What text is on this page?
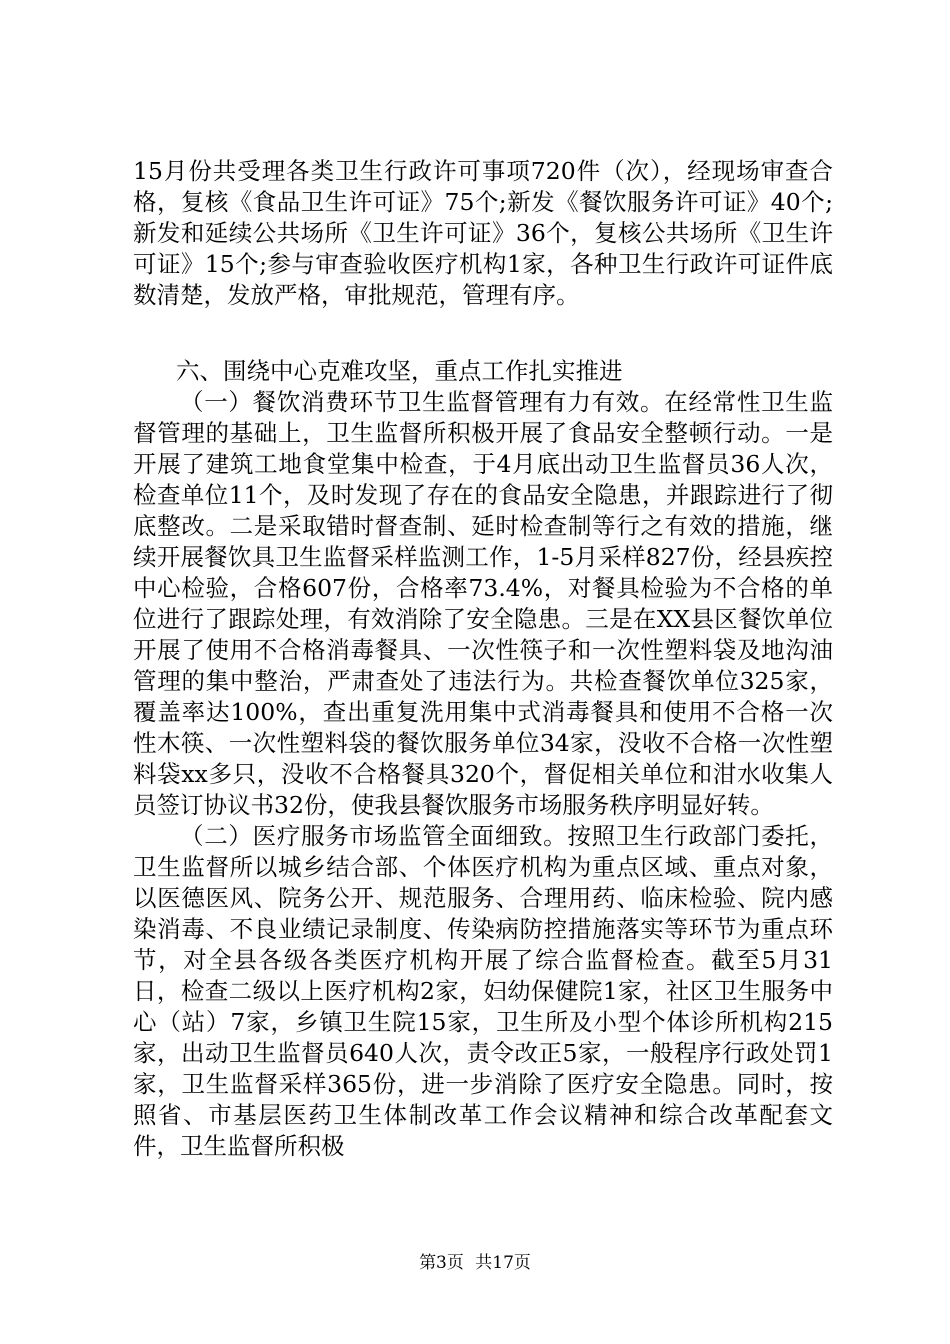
15月份共受理各类卫生行政许可事项720件（次），经现场审查合格，复核《食品卫生许可证》75个;新发《餐饮服务许可证》40个;新发和延续公共场所《卫生许可证》36个，复核公共场所《卫生许可证》15个;参与审查验收医疗机构1家，各种卫生行政许可证件底数清楚，发放严格，审批规范，管理有序。

六、围绕中心克难攻坚，重点工作扎实推进

（一）餐饮消费环节卫生监督管理有力有效。在经常性卫生监督管理的基础上，卫生监督所积极开展了食品安全整顿行动。一是开展了建筑工地食堂集中检查，于4月底出动卫生监督员36人次，检查单位11个，及时发现了存在的食品安全隐患，并跟踪进行了彻底整改。二是采取错时督查制、延时检查制等行之有效的措施，继续开展餐饮具卫生监督采样监测工作，1-5月采样827份，经县疾控中心检验，合格607份，合格率73.4%，对餐具检验为不合格的单位进行了跟踪处理，有效消除了安全隐患。三是在XX县区餐饮单位开展了使用不合格消毒餐具、一次性筷子和一次性塑料袋及地沟油管理的集中整治，严肃查处了违法行为。共检查餐饮单位325家，覆盖率达100%，查出重复洗用集中式消毒餐具和使用不合格一次性木筷、一次性塑料袋的餐饮服务单位34家，没收不合格一次性塑料袋xx多只，没收不合格餐具320个，督促相关单位和泔水收集人员签订协议书32份，使我县餐饮服务市场服务秩序明显好转。

（二）医疗服务市场监管全面细致。按照卫生行政部门委托，卫生监督所以城乡结合部、个体医疗机构为重点区域、重点对象，以医德医风、院务公开、规范服务、合理用药、临床检验、院内感染消毒、不良业绩记录制度、传染病防控措施落实等环节为重点环节，对全县各级各类医疗机构开展了综合监督检查。截至5月31日，检查二级以上医疗机构2家，妇幼保健院1家，社区卫生服务中心（站）7家，乡镇卫生院15家，卫生所及小型个体诊所机构215家，出动卫生监督员640人次，责令改正5家，一般程序行政处罚1家，卫生监督采样365份，进一步消除了医疗安全隐患。同时，按照省、市基层医药卫生体制改革工作会议精神和综合改革配套文件，卫生监督所积极

第3页 共17页
